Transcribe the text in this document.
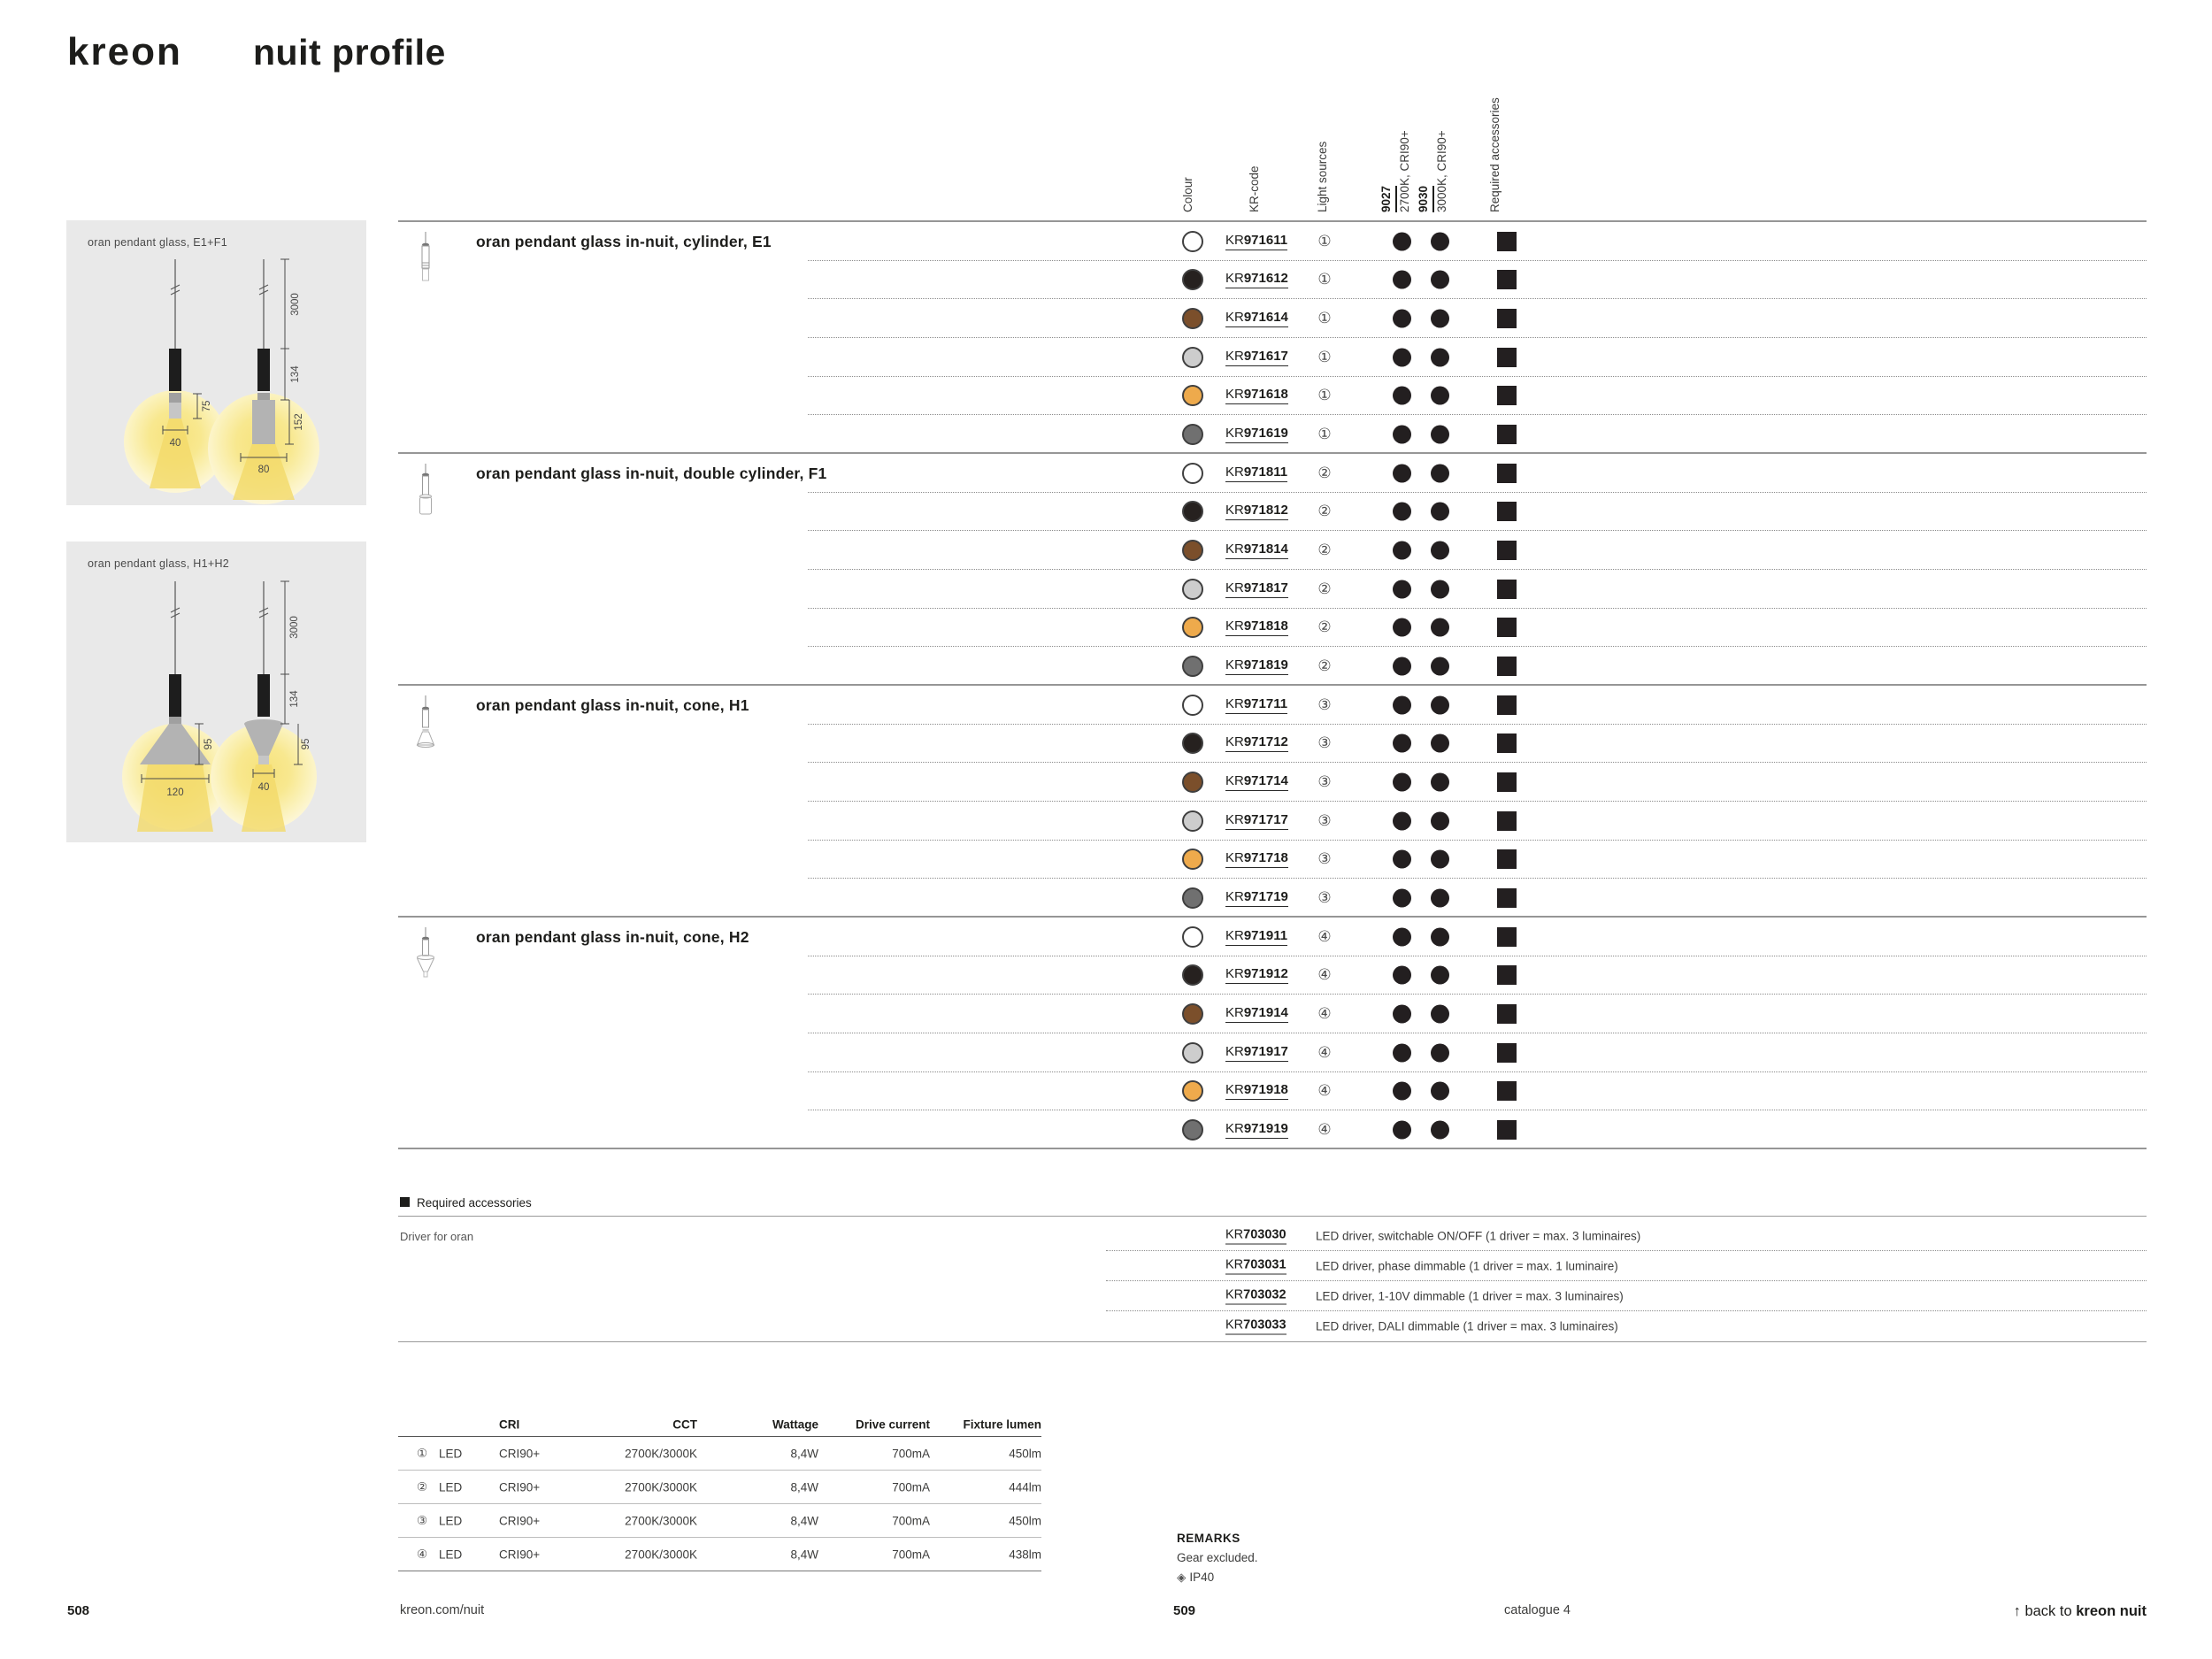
kreon nuit profile
Colour	KR-code	Light sources	9027 2700K, CRI90+ 9030 3000K, CRI90+	Required accessories
3000
134
75
40
152
80
oran pendant glass, E1+F1
3000
134
95
120
95
40
oran pendant glass, H1+H2
oran pendant glass in-nuit, cylinder, E1	KR971611	①
KR971612	①
KR971614	①
KR971617	①
KR971618	①
KR971619	①
oran pendant glass in-nuit, double cylinder, F1	KR971811	②
KR971812	②
KR971814	②
KR971817	②
KR971818	②
KR971819	②
oran pendant glass in-nuit, cone, H1	KR971711	③
KR971712	③
KR971714	③
KR971717	③
KR971718	③
KR971719	③
oran pendant glass in-nuit, cone, H2	KR971911	④
KR971912	④
KR971914	④
KR971917	④
KR971918	④
KR971919	④
Required accessories
Driver for oran	KR703030 LED driver, switchable ON/OFF (1 driver = max. 3 luminaires)
KR703031 LED driver, phase dimmable (1 driver = max. 1 luminaire)
KR703032 LED driver, 1-10V dimmable (1 driver = max. 3 luminaires)
KR703033 LED driver, DALI dimmable (1 driver = max. 3 luminaires)
CRI	CCT	Wattage	Drive current	Fixture lumen
① LED	CRI90+	2700K/3000K	8,4W	700mA	450lm
② LED	CRI90+	2700K/3000K	8,4W	700mA	444lm
③ LED	CRI90+	2700K/3000K	8,4W	700mA	450lm
④ LED	CRI90+	2700K/3000K	8,4W	700mA	438lm
REMARKS
Gear excluded.
◈ IP40
508	kreon.com/nuit	509	catalogue 4	↑ back to kreon nuit
